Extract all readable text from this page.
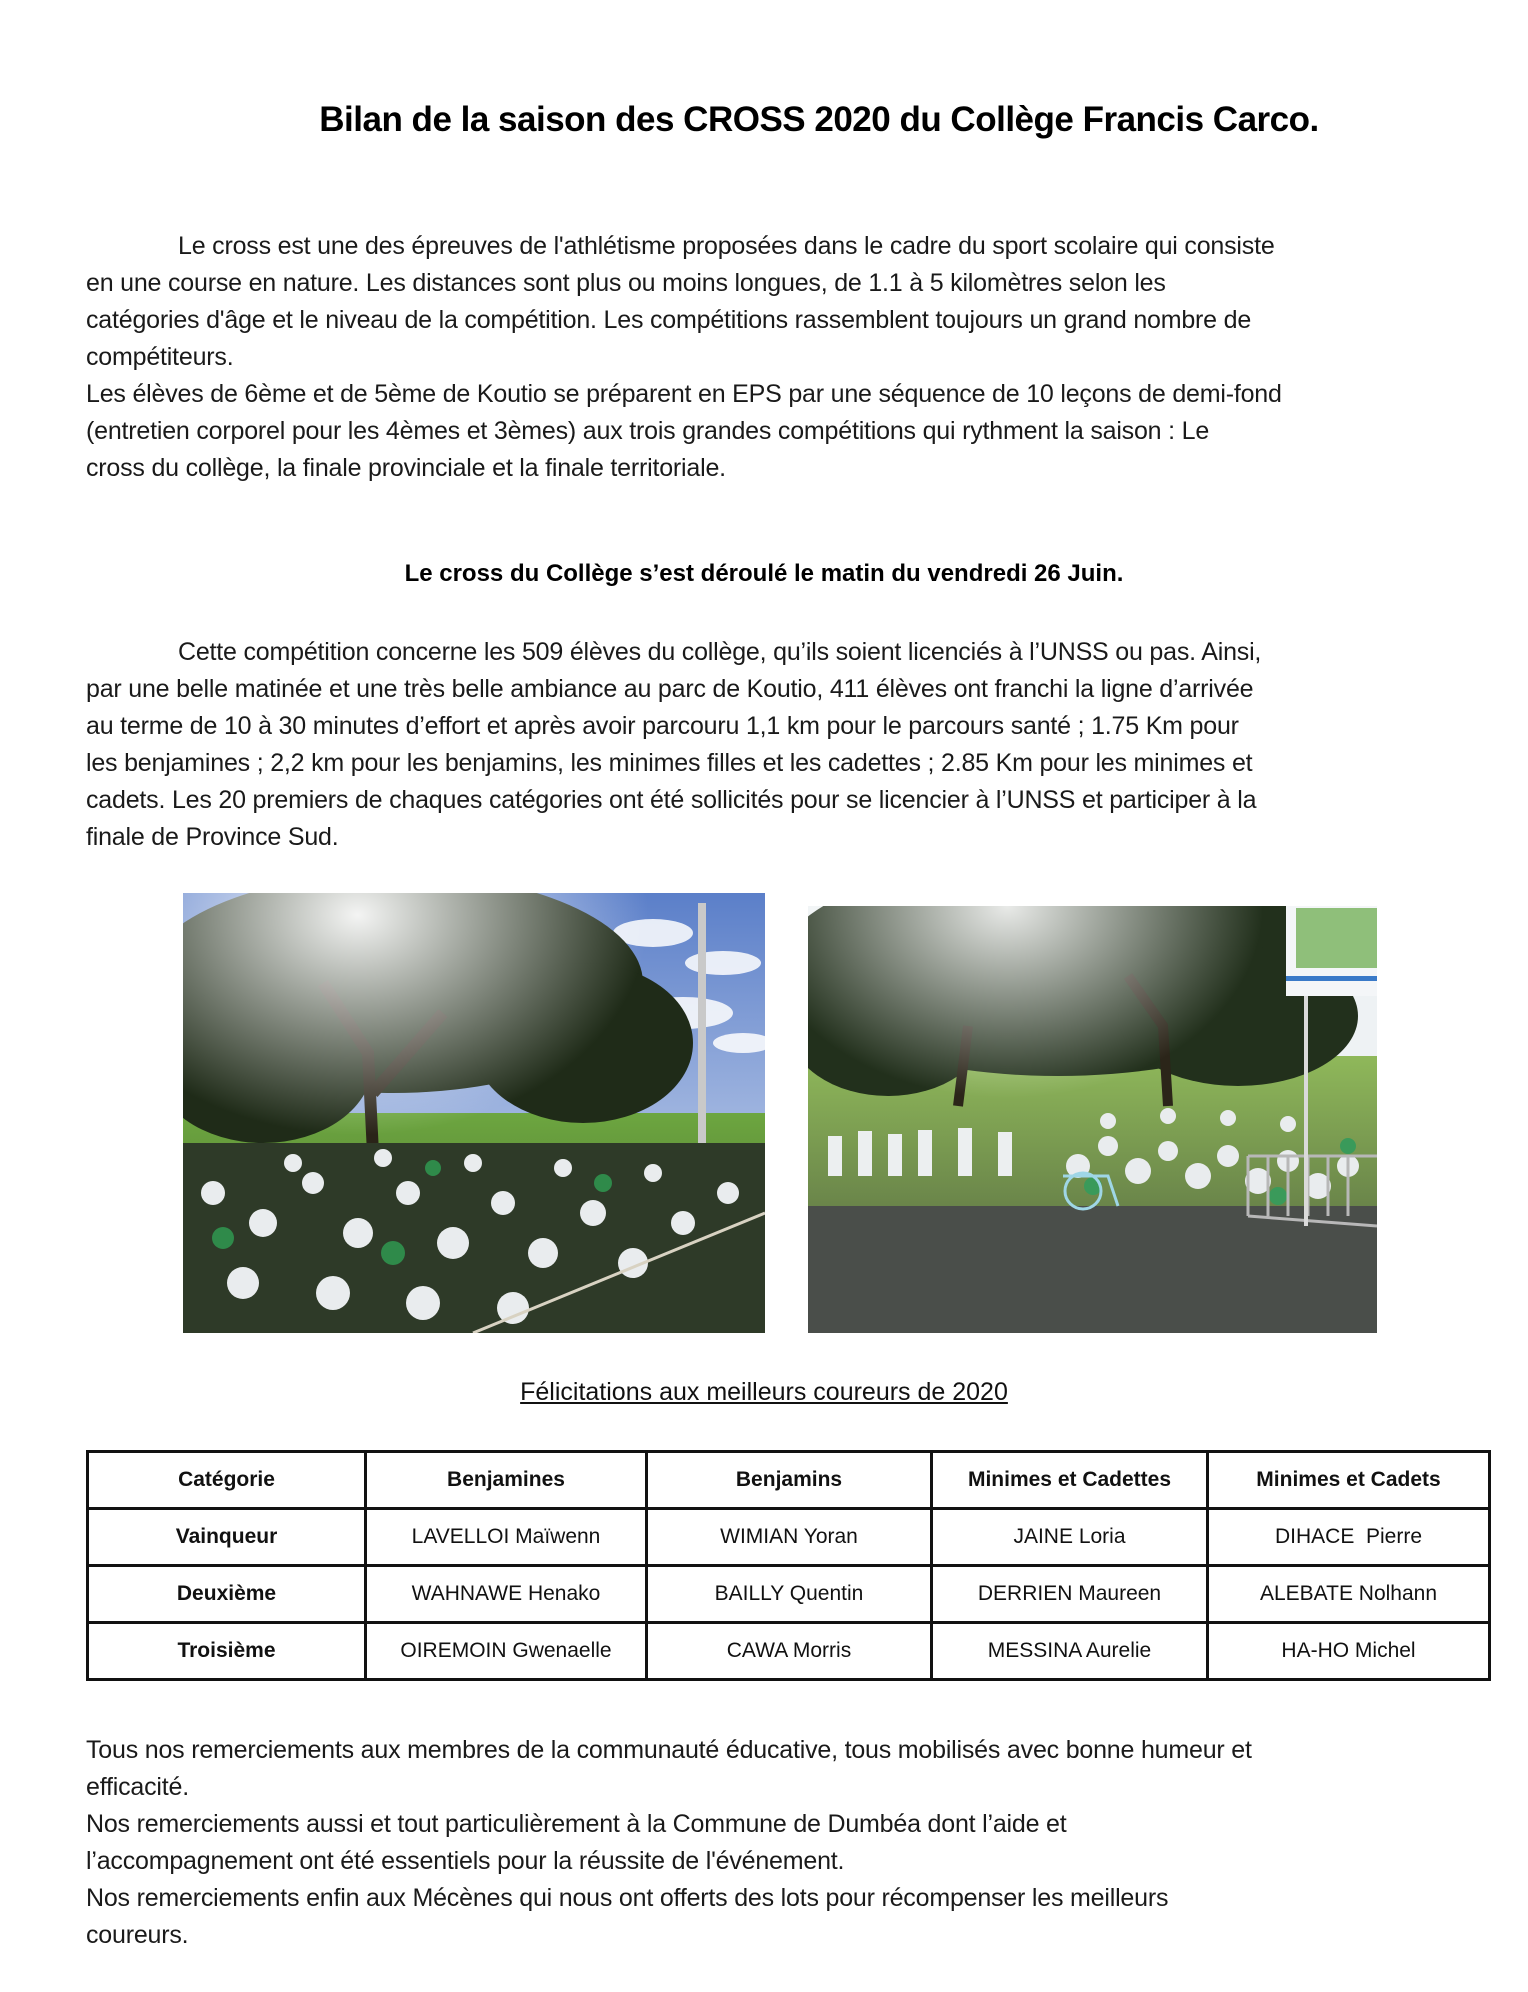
Bilan de la saison des CROSS 2020 du Collège Francis Carco.

Le cross est une des épreuves de l'athlétisme proposées dans le cadre du sport scolaire qui consiste
en une course en nature. Les distances sont plus ou moins longues, de 1.1 à 5 kilomètres selon les
catégories d'âge et le niveau de la compétition. Les compétitions rassemblent toujours un grand nombre de
compétiteurs.
Les élèves de 6ème et de 5ème de Koutio se préparent en EPS par une séquence de 10 leçons de demi-fond
(entretien corporel pour les 4èmes et 3èmes) aux trois grandes compétitions qui rythment la saison : Le
cross du collège, la finale provinciale et la finale territoriale.

Le cross du Collège s’est déroulé le matin du vendredi 26 Juin.

Cette compétition concerne les 509 élèves du collège, qu’ils soient licenciés à l’UNSS ou pas. Ainsi,
par une belle matinée et une très belle ambiance au parc de Koutio, 411 élèves ont franchi la ligne d’arrivée
au terme de 10 à 30 minutes d’effort et après avoir parcouru 1,1 km pour le parcours santé ; 1.75 Km pour
les benjamines ; 2,2 km pour les benjamins, les minimes filles et les cadettes ; 2.85 Km pour les minimes et
cadets. Les 20 premiers de chaques catégories ont été sollicités pour se licencier à l’UNSS et participer à la
finale de Province Sud.

Félicitations aux meilleurs coureurs de 2020

Catégorie	Benjamines	Benjamins	Minimes et Cadettes	Minimes et Cadets
Vainqueur	LAVELLOI Maïwenn	WIMIAN Yoran	JAINE Loria	DIHACE  Pierre
Deuxième	WAHNAWE Henako	BAILLY Quentin	DERRIEN Maureen	ALEBATE Nolhann
Troisième	OIREMOIN Gwenaelle	CAWA Morris	MESSINA Aurelie	HA-HO Michel

Tous nos remerciements aux membres de la communauté éducative, tous mobilisés avec bonne humeur et
efficacité.
Nos remerciements aussi et tout particulièrement à la Commune de Dumbéa dont l’aide et
l’accompagnement ont été essentiels pour la réussite de l'événement.
Nos remerciements enfin aux Mécènes qui nous ont offerts des lots pour récompenser les meilleurs
coureurs.
